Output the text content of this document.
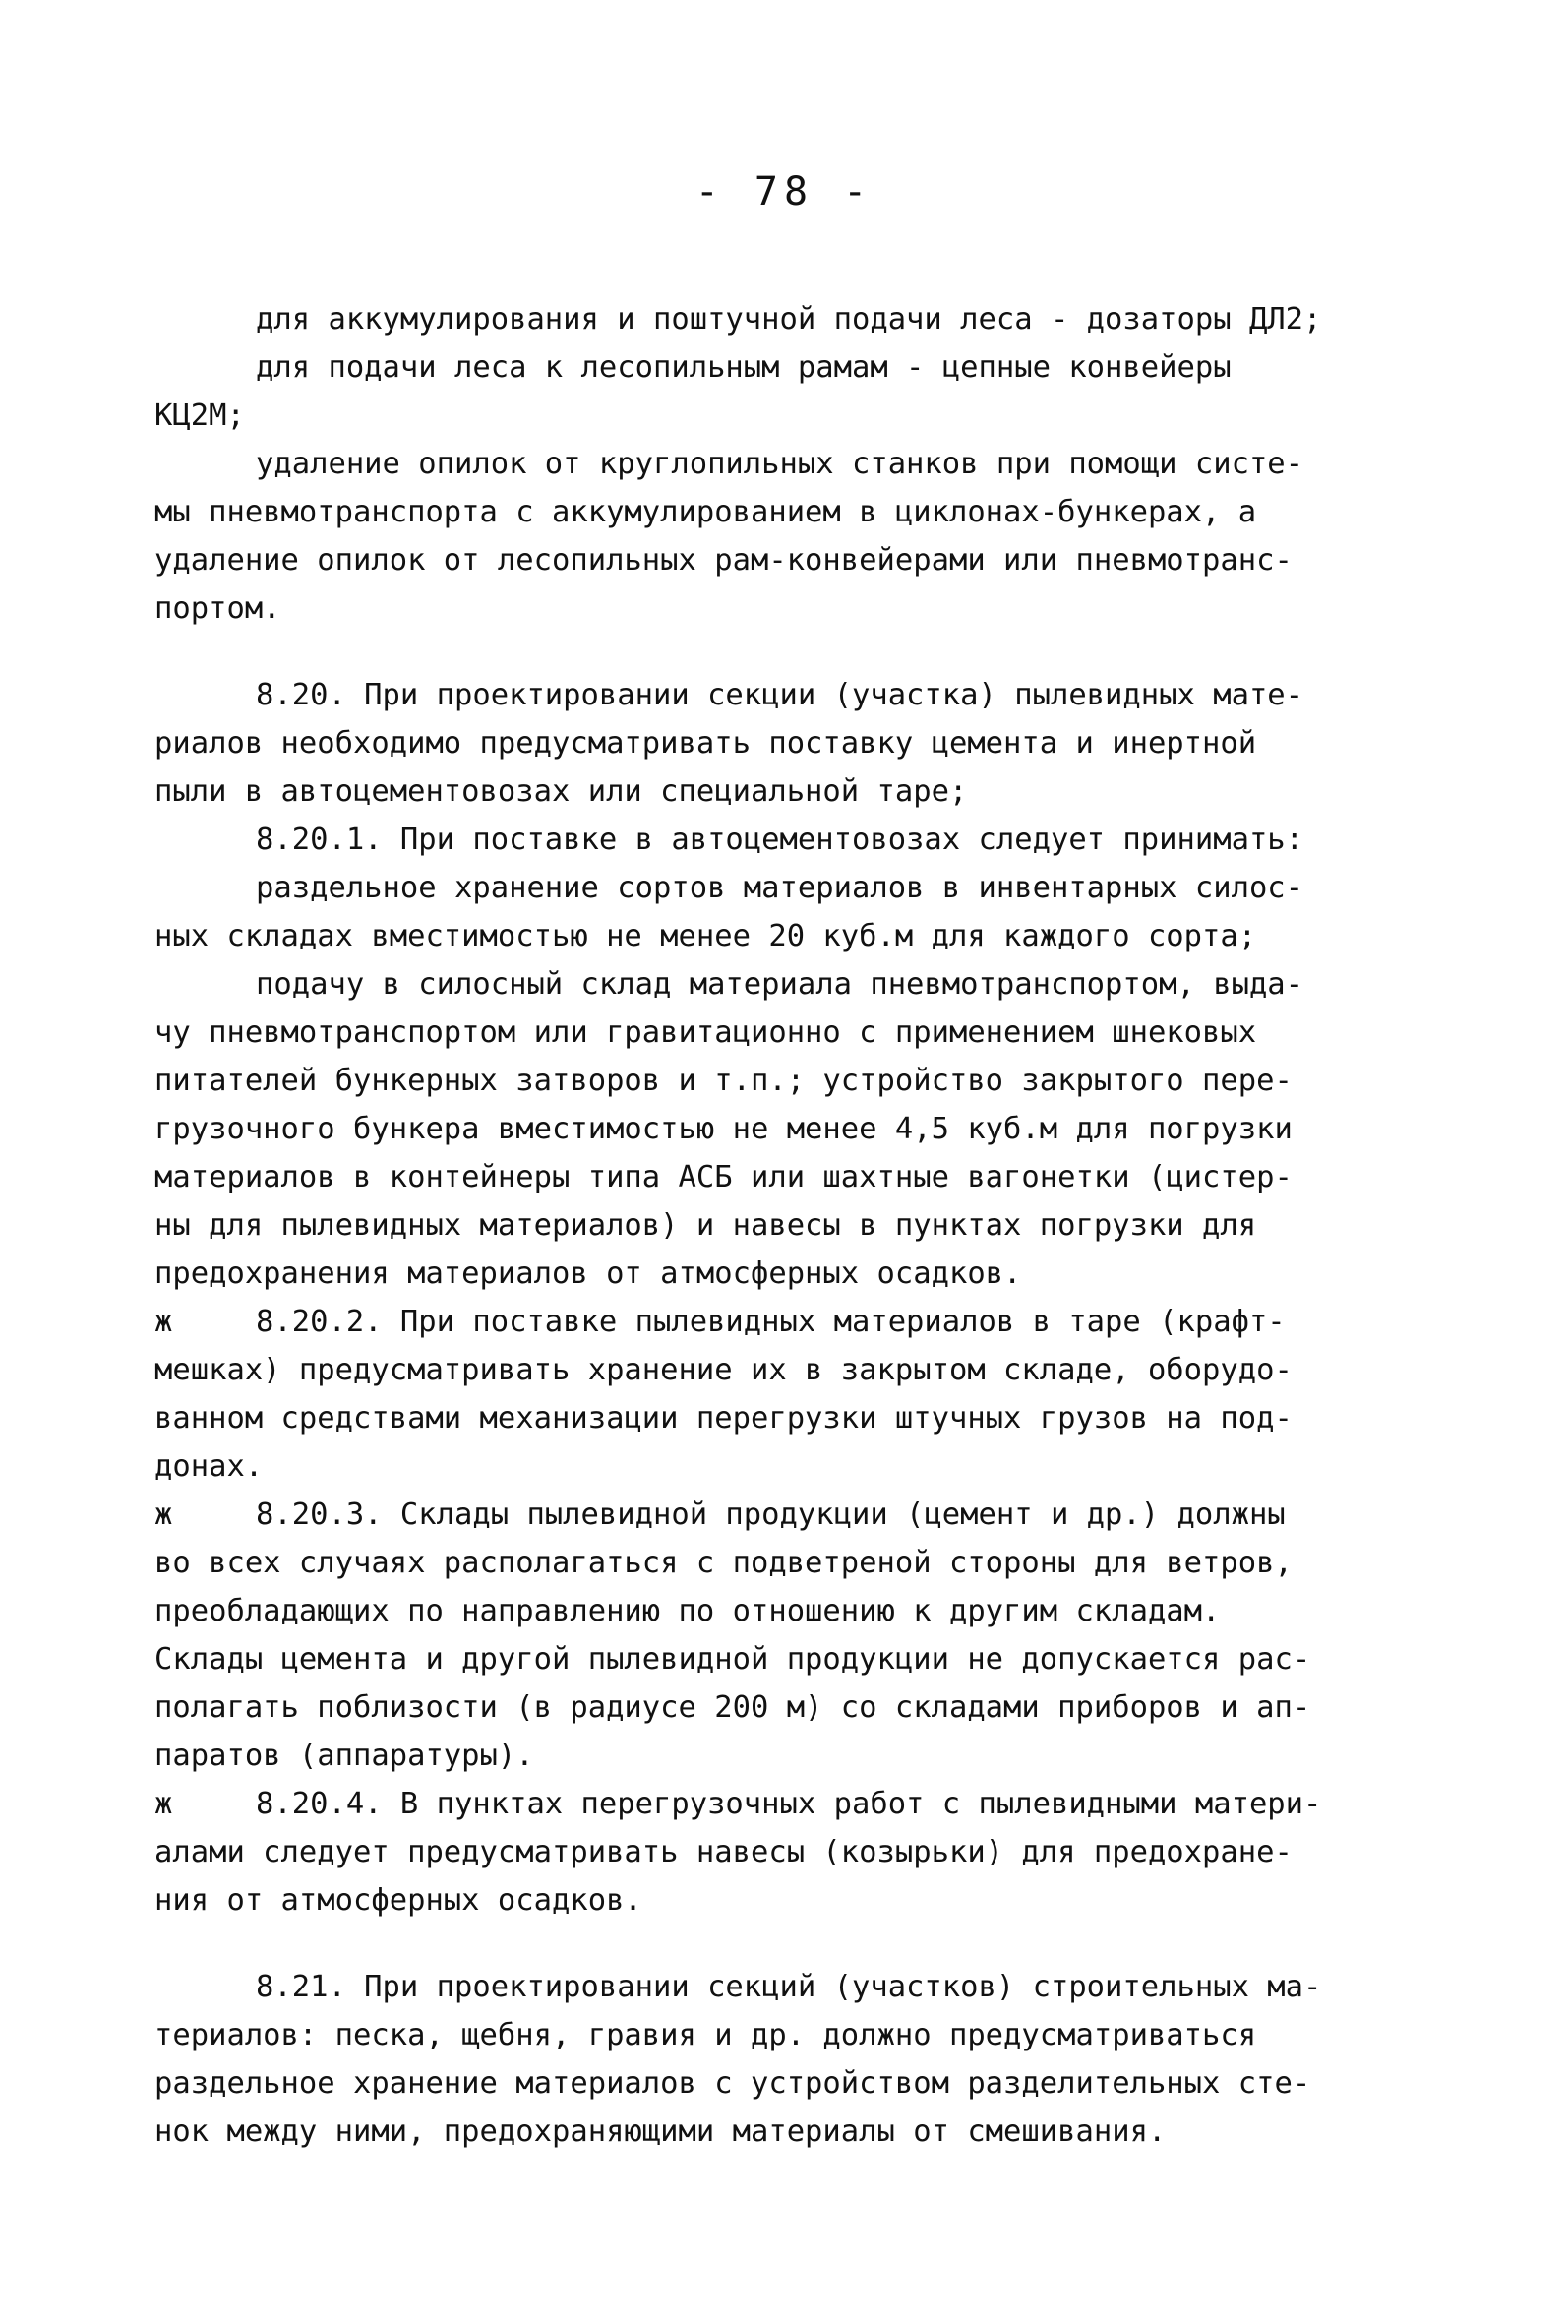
- 78 -
для аккумулирования и поштучной подачи леса - дозаторы ДЛ2;
для подачи леса к лесопильным рамам - цепные конвейеры
КЦ2М;
удаление опилок от круглопильных станков при помощи систе-
мы пневмотранспорта с аккумулированием в циклонах-бункерах, а
удаление опилок от лесопильных рам-конвейерами или пневмотранс-
портом.
8.20. При проектировании секции (участка) пылевидных мате-
риалов необходимо предусматривать поставку цемента и инертной
пыли в автоцементовозах или специальной таре;
8.20.1. При поставке в автоцементовозах следует принимать:
раздельное хранение сортов материалов в инвентарных силос-
ных складах вместимостью не менее 20 куб.м для каждого сорта;
подачу в силосный склад материала пневмотранспортом, выда-
чу пневмотранспортом или гравитационно с применением шнековых
питателей бункерных затворов и т.п.; устройство закрытого пере-
грузочного бункера вместимостью не менее 4,5 куб.м для погрузки
материалов в контейнеры типа АСБ или шахтные вагонетки (цистер-
ны для пылевидных материалов) и навесы в пунктах погрузки для
предохранения материалов от атмосферных осадков.
ж	8.20.2. При поставке пылевидных материалов в таре (крафт-
мешках) предусматривать хранение их в закрытом складе, оборудо-
ванном средствами механизации перегрузки штучных грузов на под-
донах.
ж	8.20.3. Склады пылевидной продукции (цемент и др.) должны
во всех случаях располагаться с подветреной стороны для ветров,
преобладающих по направлению по отношению к другим складам.
Склады цемента и другой пылевидной продукции не допускается рас-
полагать поблизости (в радиусе 200 м) со складами приборов и ап-
паратов (аппаратуры).
ж	8.20.4. В пунктах перегрузочных работ с пылевидными матери-
алами следует предусматривать навесы (козырьки) для предохране-
ния от атмосферных осадков.
8.21. При проектировании секций (участков) строительных ма-
териалов: песка, щебня, гравия и др. должно предусматриваться
раздельное хранение материалов с устройством разделительных сте-
нок между ними, предохраняющими материалы от смешивания.
